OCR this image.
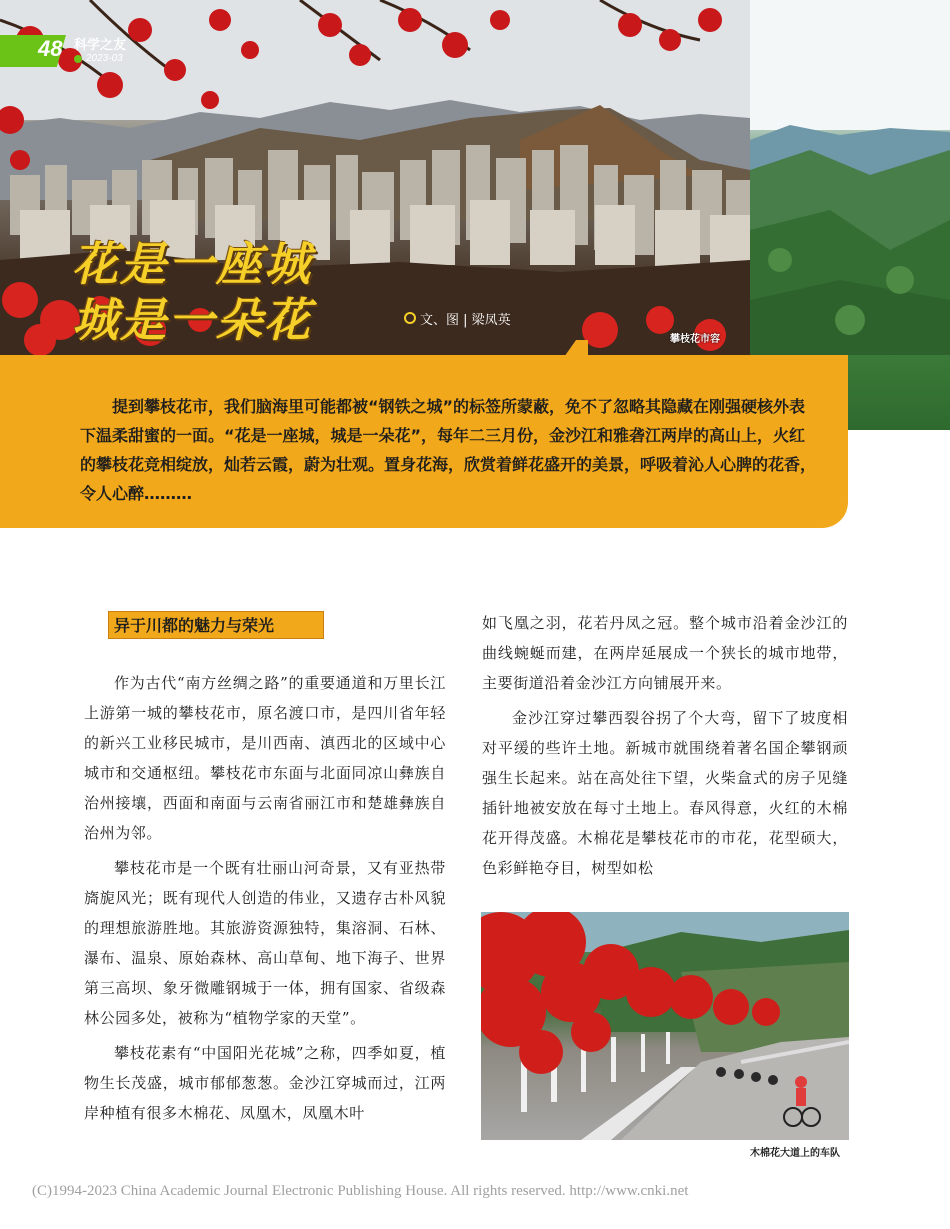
48 科学之友
2023-03
花是一座城
城是一朵花	文、图 | 梁凤英
攀枝花市容
提到攀枝花市，我们脑海里可能都被“钢铁之城”的标签所蒙蔽，免不了忽略其隐藏在刚强硬核外表下温柔甜蜜的一面。“花是一座城，城是一朵花”，每年二三月份，金沙江和雅砻江两岸的高山上，火红的攀枝花竞相绽放，灿若云霞，蔚为壮观。置身花海，欣赏着鲜花盛开的美景，呼吸着沁人心脾的花香，令人心醉………
异于川都的魅力与荣光

作为古代“南方丝绸之路”的重要通道和万里长江上游第一城的攀枝花市，原名渡口市，是四川省年轻的新兴工业移民城市，是川西南、滇西北的区域中心城市和交通枢纽。攀枝花市东面与北面同凉山彝族自治州接壤，西面和南面与云南省丽江市和楚雄彝族自治州为邻。

攀枝花市是一个既有壮丽山河奇景，又有亚热带旖旎风光；既有现代人创造的伟业，又遗存古朴风貌的理想旅游胜地。其旅游资源独特，集溶洞、石林、瀑布、温泉、原始森林、高山草甸、地下海子、世界第三高坝、象牙微雕钢城于一体，拥有国家、省级森林公园多处，被称为“植物学家的天堂”。

攀枝花素有“中国阳光花城”之称，四季如夏，植物生长茂盛，城市郁郁葱葱。金沙江穿城而过，江两岸种植有很多木棉花、凤凰木，凤凰木叶

如飞凰之羽，花若丹凤之冠。整个城市沿着金沙江的曲线蜿蜒而建，在两岸延展成一个狭长的城市地带，主要街道沿着金沙江方向铺展开来。

金沙江穿过攀西裂谷拐了个大弯，留下了坡度相对平缓的些许土地。新城市就围绕着著名国企攀钢顽强生长起来。站在高处往下望，火柴盒式的房子见缝插针地被安放在每寸土地上。春风得意，火红的木棉花开得茂盛。木棉花是攀枝花市的市花，花型硕大，色彩鲜艳夺目，树型如松

木棉花大道上的车队
(C)1994-2023 China Academic Journal Electronic Publishing House. All rights reserved. http://www.cnki.net
